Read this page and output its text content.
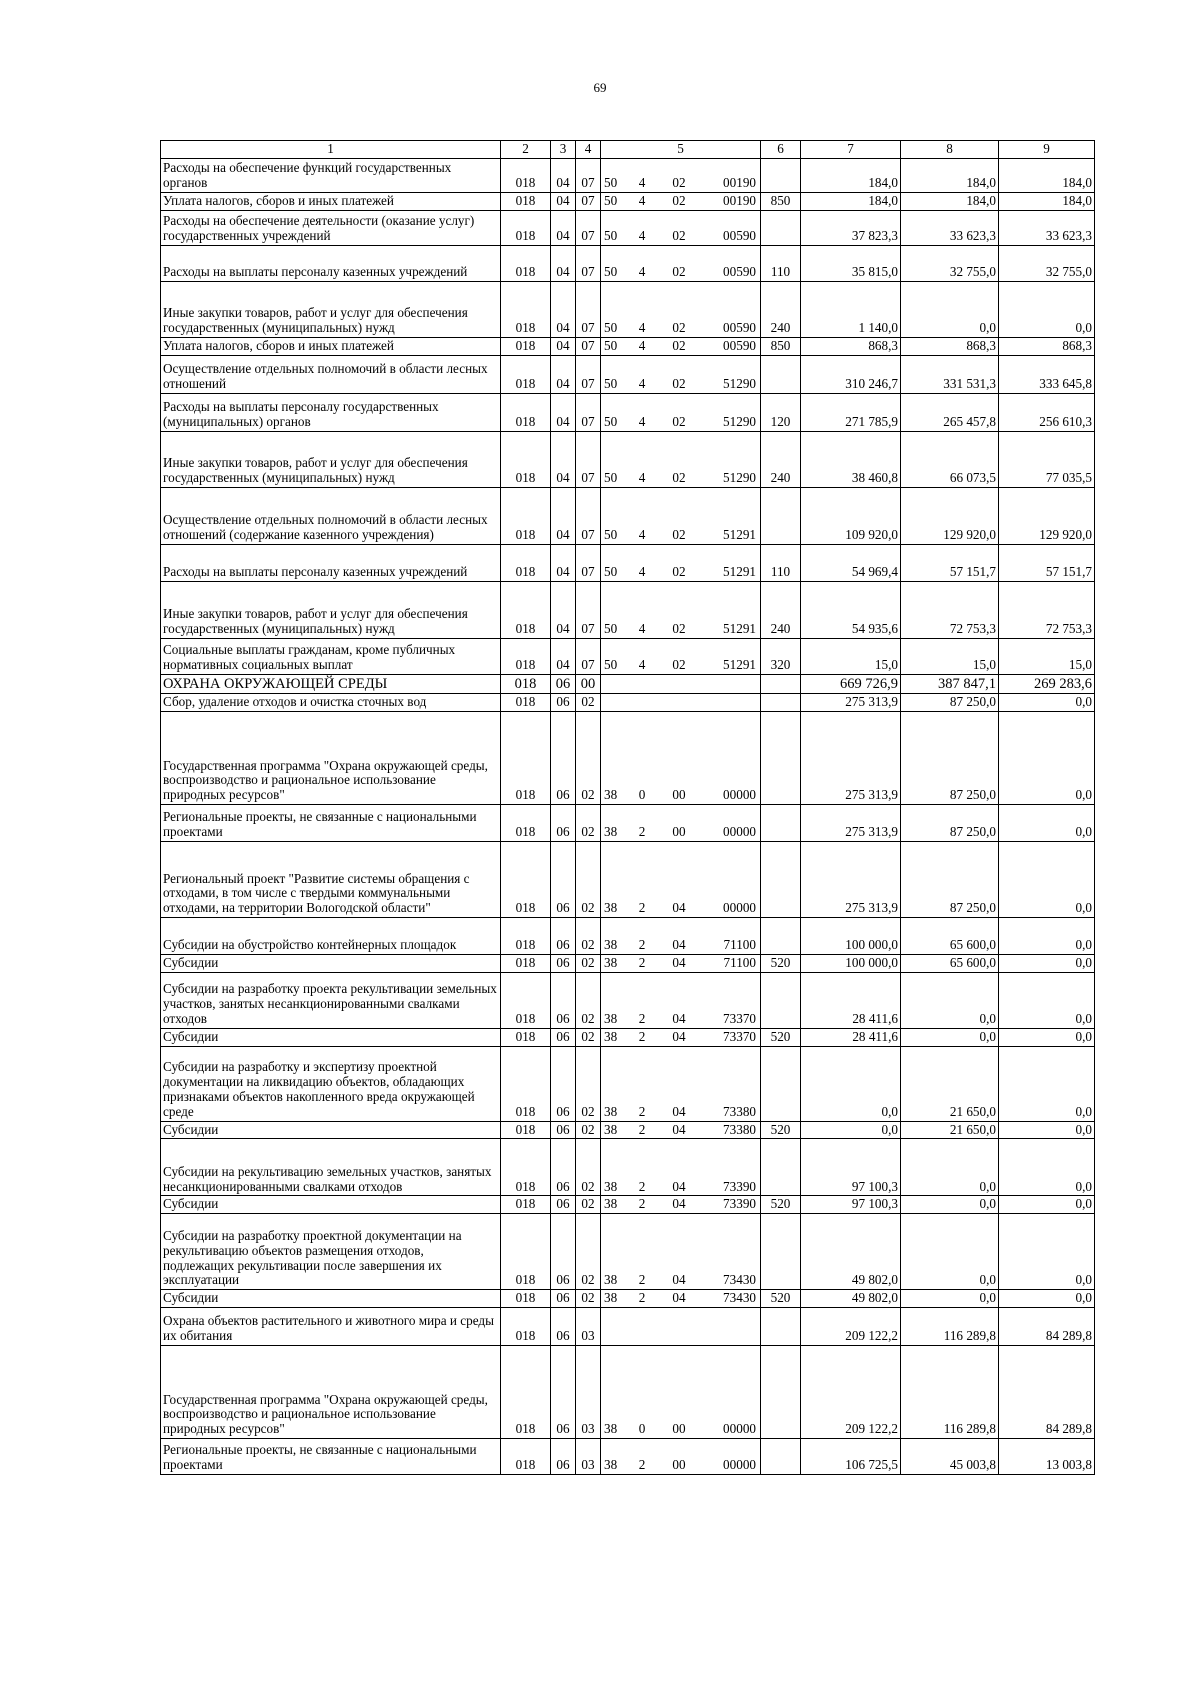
69
1	2	3	4	5	6	7	8	9
Расходы на обеспечение функций государственных органов	018	04	07	50 4 02 00190		184,0	184,0	184,0
Уплата налогов, сборов и иных платежей	018	04	07	50 4 02 00190	850	184,0	184,0	184,0
Расходы на обеспечение деятельности (оказание услуг) государственных учреждений	018	04	07	50 4 02 00590		37 823,3	33 623,3	33 623,3
Расходы на выплаты персоналу казенных учреждений	018	04	07	50 4 02 00590	110	35 815,0	32 755,0	32 755,0
Иные закупки товаров, работ и услуг для обеспечения государственных (муниципальных) нужд	018	04	07	50 4 02 00590	240	1 140,0	0,0	0,0
Уплата налогов, сборов и иных платежей	018	04	07	50 4 02 00590	850	868,3	868,3	868,3
Осуществление отдельных полномочий в области лесных отношений	018	04	07	50 4 02 51290		310 246,7	331 531,3	333 645,8
Расходы на выплаты персоналу государственных (муниципальных) органов	018	04	07	50 4 02 51290	120	271 785,9	265 457,8	256 610,3
Иные закупки товаров, работ и услуг для обеспечения государственных (муниципальных) нужд	018	04	07	50 4 02 51290	240	38 460,8	66 073,5	77 035,5
Осуществление отдельных полномочий в области лесных отношений (содержание казенного учреждения)	018	04	07	50 4 02 51291		109 920,0	129 920,0	129 920,0
Расходы на выплаты персоналу казенных учреждений	018	04	07	50 4 02 51291	110	54 969,4	57 151,7	57 151,7
Иные закупки товаров, работ и услуг для обеспечения государственных (муниципальных) нужд	018	04	07	50 4 02 51291	240	54 935,6	72 753,3	72 753,3
Социальные выплаты гражданам, кроме публичных нормативных социальных выплат	018	04	07	50 4 02 51291	320	15,0	15,0	15,0
ОХРАНА ОКРУЖАЮЩЕЙ СРЕДЫ	018	06	00			669 726,9	387 847,1	269 283,6
Сбор, удаление отходов и очистка сточных вод	018	06	02			275 313,9	87 250,0	0,0
Государственная программа "Охрана окружающей среды, воспроизводство и рациональное использование природных ресурсов"	018	06	02	38 0 00 00000		275 313,9	87 250,0	0,0
Региональные проекты, не связанные с национальными проектами	018	06	02	38 2 00 00000		275 313,9	87 250,0	0,0
Региональный проект "Развитие системы обращения с отходами, в том числе с твердыми коммунальными отходами, на территории Вологодской области"	018	06	02	38 2 04 00000		275 313,9	87 250,0	0,0
Субсидии на обустройство контейнерных площадок	018	06	02	38 2 04 71100		100 000,0	65 600,0	0,0
Субсидии	018	06	02	38 2 04 71100	520	100 000,0	65 600,0	0,0
Субсидии на разработку проекта рекультивации земельных участков, занятых несанкционированными свалками отходов	018	06	02	38 2 04 73370		28 411,6	0,0	0,0
Субсидии	018	06	02	38 2 04 73370	520	28 411,6	0,0	0,0
Субсидии на разработку и экспертизу проектной документации на ликвидацию объектов, обладающих признаками объектов накопленного вреда окружающей среде	018	06	02	38 2 04 73380		0,0	21 650,0	0,0
Субсидии	018	06	02	38 2 04 73380	520	0,0	21 650,0	0,0
Субсидии на рекультивацию земельных участков, занятых несанкционированными свалками отходов	018	06	02	38 2 04 73390		97 100,3	0,0	0,0
Субсидии	018	06	02	38 2 04 73390	520	97 100,3	0,0	0,0
Субсидии на разработку проектной документации на рекультивацию объектов размещения отходов, подлежащих рекультивации после завершения их эксплуатации	018	06	02	38 2 04 73430		49 802,0	0,0	0,0
Субсидии	018	06	02	38 2 04 73430	520	49 802,0	0,0	0,0
Охрана объектов растительного и животного мира и среды их обитания	018	06	03			209 122,2	116 289,8	84 289,8
Государственная программа "Охрана окружающей среды, воспроизводство и рациональное использование природных ресурсов"	018	06	03	38 0 00 00000		209 122,2	116 289,8	84 289,8
Региональные проекты, не связанные с национальными проектами	018	06	03	38 2 00 00000		106 725,5	45 003,8	13 003,8
